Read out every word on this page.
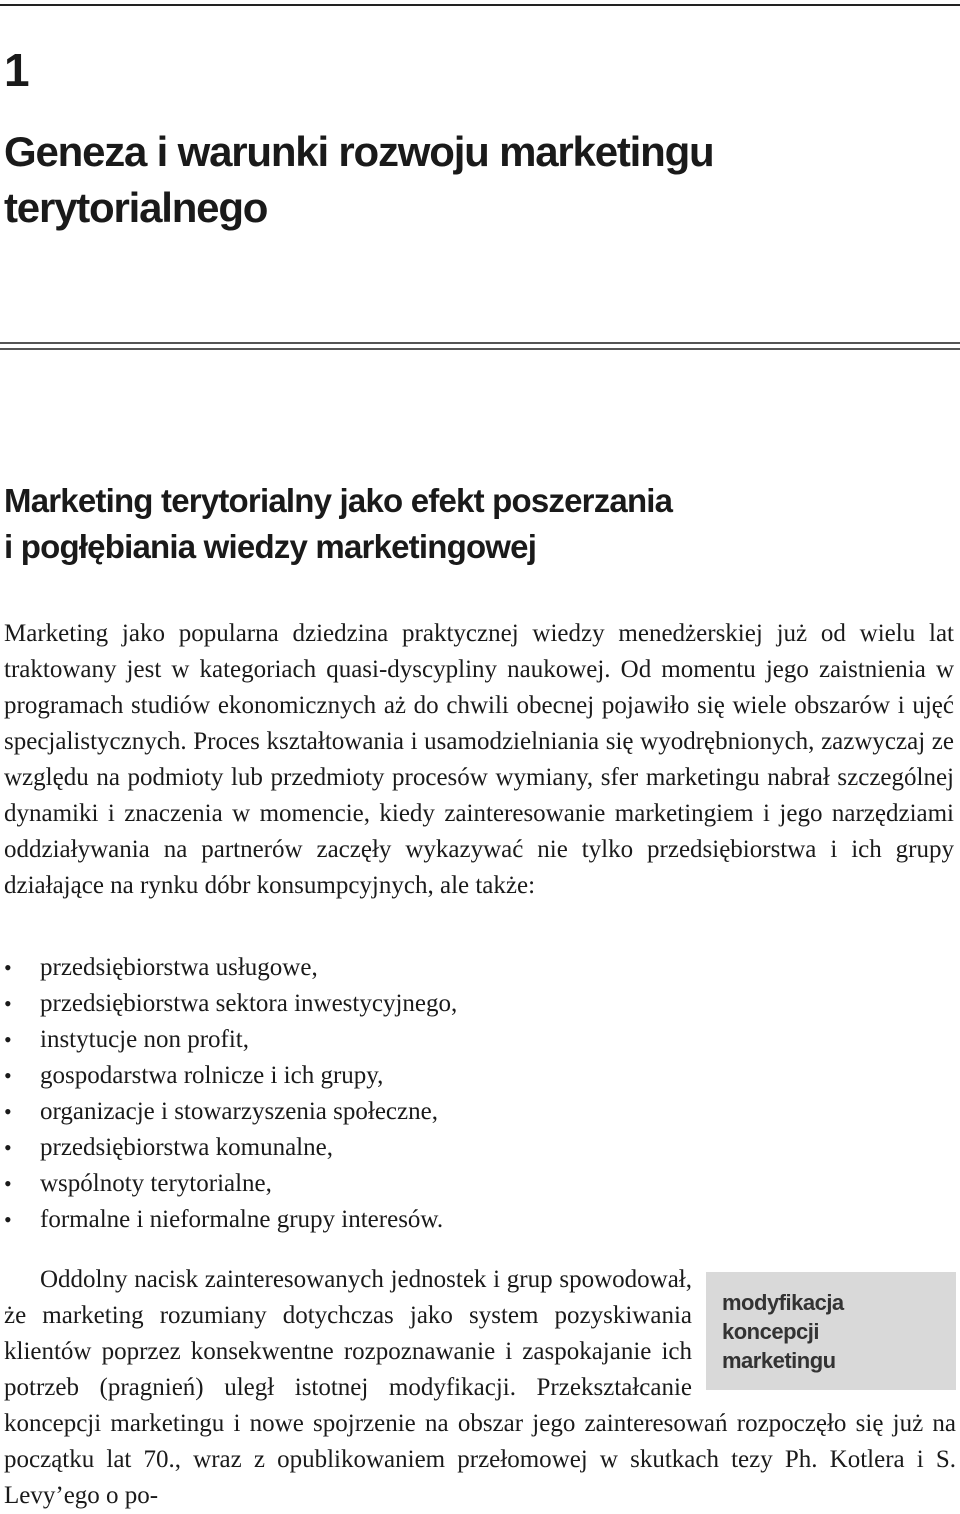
1
Geneza i warunki rozwoju marketingu
terytorialnego
Marketing terytorialny jako efekt poszerzania
i pogłębiania wiedzy marketingowej

Marketing jako popularna dziedzina praktycznej wiedzy menedżerskiej już od wielu lat traktowany jest w kategoriach quasi-dyscypliny naukowej. Od momentu jego zaistnienia w programach studiów ekonomicznych aż do chwili obecnej pojawiło się wiele obszarów i ujęć specjalistycznych. Proces kształtowania i usamodzielniania się wyodrębnionych, zazwyczaj ze względu na podmioty lub przedmioty procesów wymiany, sfer marketingu nabrał szczególnej dynamiki i znaczenia w momencie, kiedy zainteresowanie marketingiem i jego narzędziami oddziaływania na partnerów zaczęły wykazywać nie tylko przedsiębiorstwa i ich grupy działające na rynku dóbr konsumpcyjnych, ale także:

• przedsiębiorstwa usługowe,
• przedsiębiorstwa sektora inwestycyjnego,
• instytucje non profit,
• gospodarstwa rolnicze i ich grupy,
• organizacje i stowarzyszenia społeczne,
• przedsiębiorstwa komunalne,
• wspólnoty terytorialne,
• formalne i nieformalne grupy interesów.
modyfikacja
koncepcji
marketingu

Oddolny nacisk zainteresowanych jednostek i grup spowodował, że marketing rozumiany dotychczas jako system pozyskiwania klientów poprzez konsekwentne rozpoznawanie i zaspokajanie ich potrzeb (pragnień) uległ istotnej modyfikacji. Przekształcanie koncepcji marketingu i nowe spojrzenie na obszar jego zainteresowań rozpoczęło się już na początku lat 70., wraz z opublikowaniem przełomowej w skutkach tezy Ph. Kotlera i S. Levy’ego o po-
